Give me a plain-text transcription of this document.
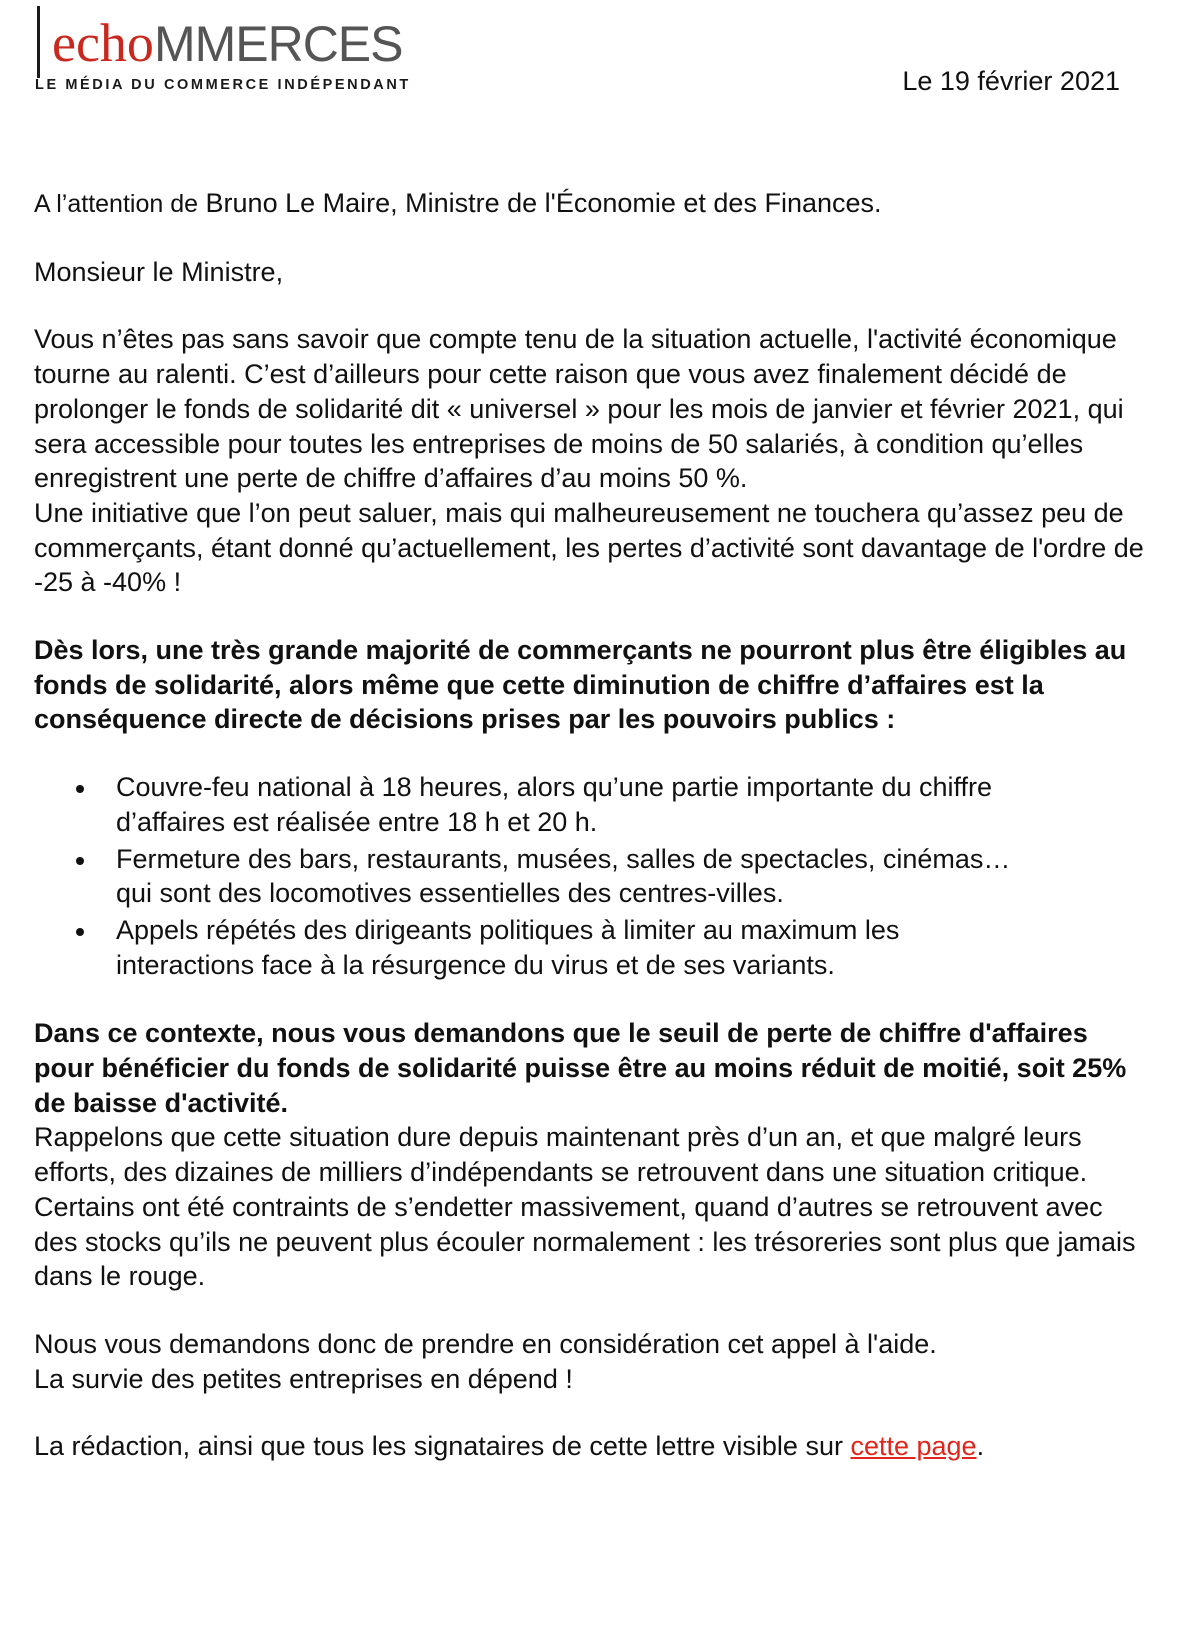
echoMMERCES
LE MÉDIA DU COMMERCE INDÉPENDANT	Le 19 février 2021

A l’attention de Bruno Le Maire, Ministre de l'Économie et des Finances.

Monsieur le Ministre,

Vous n’êtes pas sans savoir que compte tenu de la situation actuelle, l'activité économique tourne au ralenti. C’est d’ailleurs pour cette raison que vous avez finalement décidé de prolonger le fonds de solidarité dit « universel » pour les mois de janvier et février 2021, qui sera accessible pour toutes les entreprises de moins de 50 salariés, à condition qu’elles enregistrent une perte de chiffre d’affaires d’au moins 50 %.

Une initiative que l’on peut saluer, mais qui malheureusement ne touchera qu’assez peu de commerçants, étant donné qu’actuellement, les pertes d’activité sont davantage de l'ordre de -25 à -40% !

Dès lors, une très grande majorité de commerçants ne pourront plus être éligibles au fonds de solidarité, alors même que cette diminution de chiffre d’affaires est la conséquence directe de décisions prises par les pouvoirs publics :

Couvre-feu national à 18 heures, alors qu’une partie importante du chiffre d’affaires est réalisée entre 18 h et 20 h.
Fermeture des bars, restaurants, musées, salles de spectacles, cinémas… qui sont des locomotives essentielles des centres-villes.
Appels répétés des dirigeants politiques à limiter au maximum les interactions face à la résurgence du virus et de ses variants.

Dans ce contexte, nous vous demandons que le seuil de perte de chiffre d'affaires pour bénéficier du fonds de solidarité puisse être au moins réduit de moitié, soit 25% de baisse d'activité.

Rappelons que cette situation dure depuis maintenant près d’un an, et que malgré leurs efforts, des dizaines de milliers d’indépendants se retrouvent dans une situation critique. Certains ont été contraints de s’endetter massivement, quand d’autres se retrouvent avec des stocks qu’ils ne peuvent plus écouler normalement : les trésoreries sont plus que jamais dans le rouge.

Nous vous demandons donc de prendre en considération cet appel à l'aide.
La survie des petites entreprises en dépend !

La rédaction, ainsi que tous les signataires de cette lettre visible sur cette page.
